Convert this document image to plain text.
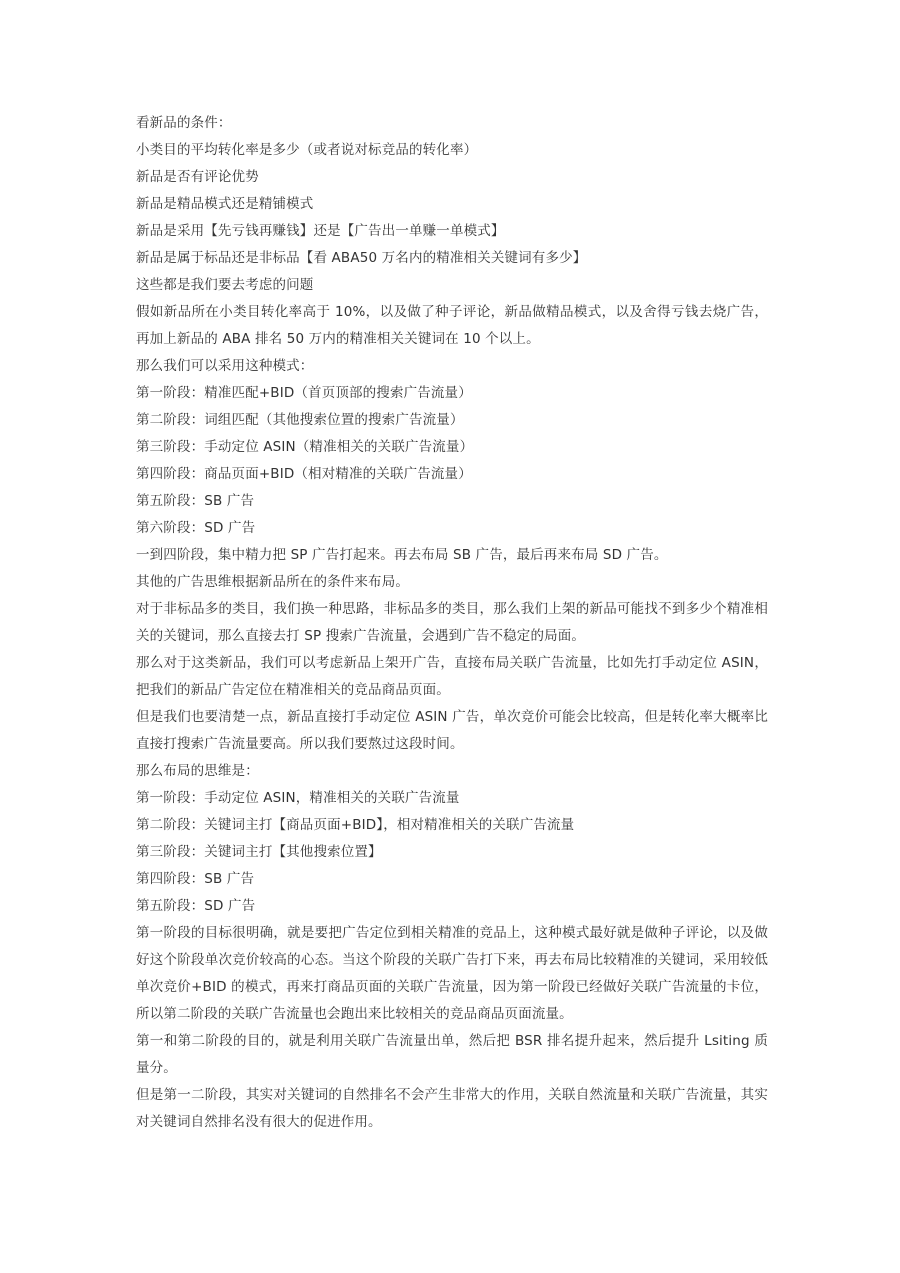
看新品的条件：

小类目的平均转化率是多少（或者说对标竞品的转化率）

新品是否有评论优势

新品是精品模式还是精铺模式

新品是采用【先亏钱再赚钱】还是【广告出一单赚一单模式】

新品是属于标品还是非标品【看 ABA50 万名内的精准相关关键词有多少】

这些都是我们要去考虑的问题

假如新品所在小类目转化率高于 10%，以及做了种子评论，新品做精品模式，以及舍得亏钱去烧广告，再加上新品的 ABA 排名 50 万内的精准相关关键词在 10 个以上。

那么我们可以采用这种模式：

第一阶段：精准匹配+BID（首页顶部的搜索广告流量）

第二阶段：词组匹配（其他搜索位置的搜索广告流量）

第三阶段：手动定位 ASIN（精准相关的关联广告流量）

第四阶段：商品页面+BID（相对精准的关联广告流量）

第五阶段：SB 广告

第六阶段：SD 广告

一到四阶段，集中精力把 SP 广告打起来。再去布局 SB 广告，最后再来布局 SD 广告。

其他的广告思维根据新品所在的条件来布局。

对于非标品多的类目，我们换一种思路，非标品多的类目，那么我们上架的新品可能找不到多少个精准相关的关键词，那么直接去打 SP 搜索广告流量，会遇到广告不稳定的局面。

那么对于这类新品，我们可以考虑新品上架开广告，直接布局关联广告流量，比如先打手动定位 ASIN，把我们的新品广告定位在精准相关的竞品商品页面。

但是我们也要清楚一点，新品直接打手动定位 ASIN 广告，单次竞价可能会比较高，但是转化率大概率比直接打搜索广告流量要高。所以我们要熬过这段时间。

那么布局的思维是：

第一阶段：手动定位 ASIN，精准相关的关联广告流量

第二阶段：关键词主打【商品页面+BID】，相对精准相关的关联广告流量

第三阶段：关键词主打【其他搜索位置】

第四阶段：SB 广告

第五阶段：SD 广告

第一阶段的目标很明确，就是要把广告定位到相关精准的竞品上，这种模式最好就是做种子评论，以及做好这个阶段单次竞价较高的心态。当这个阶段的关联广告打下来，再去布局比较精准的关键词，采用较低单次竞价+BID 的模式，再来打商品页面的关联广告流量，因为第一阶段已经做好关联广告流量的卡位，所以第二阶段的关联广告流量也会跑出来比较相关的竞品商品页面流量。

第一和第二阶段的目的，就是利用关联广告流量出单，然后把 BSR 排名提升起来，然后提升 Lsiting 质量分。

但是第一二阶段，其实对关键词的自然排名不会产生非常大的作用，关联自然流量和关联广告流量，其实对关键词自然排名没有很大的促进作用。
